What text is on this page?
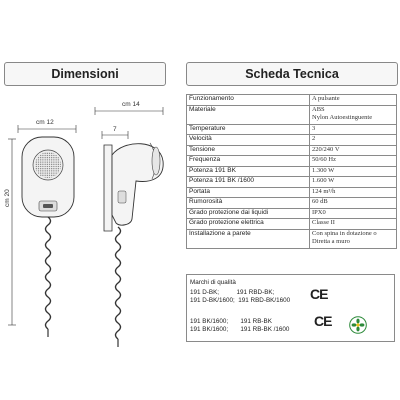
Dimensioni
cm 12
cm 20
cm 14
7
Scheda Tecnica
Funzionamento	A pulsante
Materiale	ABS
Nylon Autoestinguente
Temperature	3
Velocità	2
Tensione	220/240 V
Frequenza	50/60 Hz
Potenza 191 BK	1.300 W
Potenza 191 BK /1600	1.600 W
Portata	124 m³/h
Rumorosità	60 dB
Grado protezione dai liquidi	IPX0
Grado protezione elettrica	Classe II
Installazione a parete	Con spina in dotazione o
Diretta a muro
Marchi di qualità
191 D-BK;          191 RBD-BK;
191 D-BK/1600;  191 RBD-BK/1600
191 BK/1600;       191 RB-BK
191 BK/1600;       191 RB-BK /1600
CE
CE
